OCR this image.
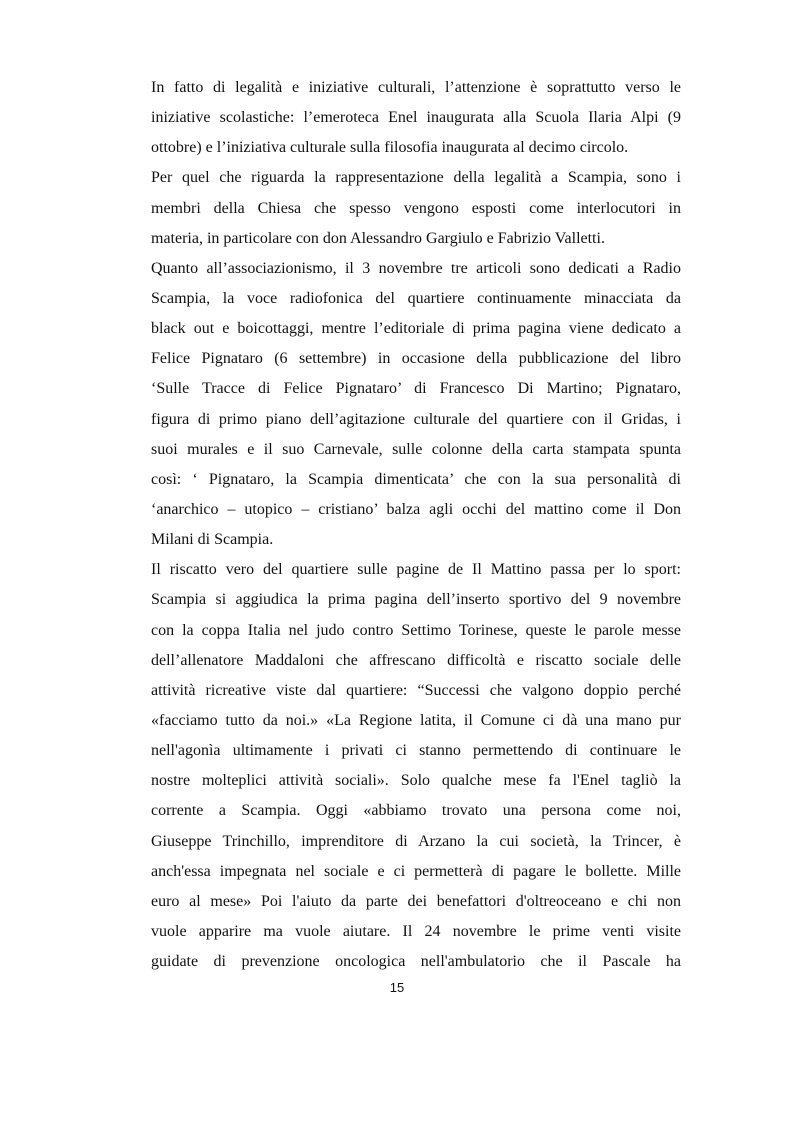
In fatto di legalità e iniziative culturali, l’attenzione è soprattutto verso le
iniziative scolastiche: l’emeroteca Enel inaugurata alla Scuola Ilaria Alpi (9
ottobre) e l’iniziativa culturale sulla filosofia inaugurata al decimo circolo.
Per quel che riguarda la rappresentazione della legalità a Scampia, sono i
membri della Chiesa che spesso vengono esposti come interlocutori in
materia, in particolare con don Alessandro Gargiulo e Fabrizio Valletti.
Quanto all’associazionismo, il 3 novembre tre articoli sono dedicati a Radio
Scampia, la voce radiofonica del quartiere continuamente minacciata da
black out e boicottaggi, mentre l’editoriale di prima pagina viene dedicato a
Felice Pignataro (6 settembre) in occasione della pubblicazione del libro
‘Sulle Tracce di Felice Pignataro’ di Francesco Di Martino; Pignataro,
figura di primo piano dell’agitazione culturale del quartiere con il Gridas, i
suoi murales e il suo Carnevale, sulle colonne della carta stampata spunta
così: ‘ Pignataro, la Scampia dimenticata’ che con la sua personalità di
‘anarchico – utopico – cristiano’ balza agli occhi del mattino come il Don
Milani di Scampia.
Il riscatto vero del quartiere sulle pagine de Il Mattino passa per lo sport:
Scampia si aggiudica la prima pagina dell’inserto sportivo del 9 novembre
con la coppa Italia nel judo contro Settimo Torinese, queste le parole messe
dell’allenatore Maddaloni che affrescano difficoltà e riscatto sociale delle
attività ricreative viste dal quartiere: “Successi che valgono doppio perché
«facciamo tutto da noi.» «La Regione latita, il Comune ci dà una mano pur
nell'agonìa ultimamente i privati ci stanno permettendo di continuare le
nostre molteplici attività sociali». Solo qualche mese fa l'Enel tagliò la
corrente a Scampia. Oggi «abbiamo trovato una persona come noi,
Giuseppe Trinchillo, imprenditore di Arzano la cui società, la Trincer, è
anch'essa impegnata nel sociale e ci permetterà di pagare le bollette. Mille
euro al mese» Poi l'aiuto da parte dei benefattori d'oltreoceano e chi non
vuole apparire ma vuole aiutare. Il 24 novembre le prime venti visite
guidate di prevenzione oncologica nell'ambulatorio che il Pascale ha
15
